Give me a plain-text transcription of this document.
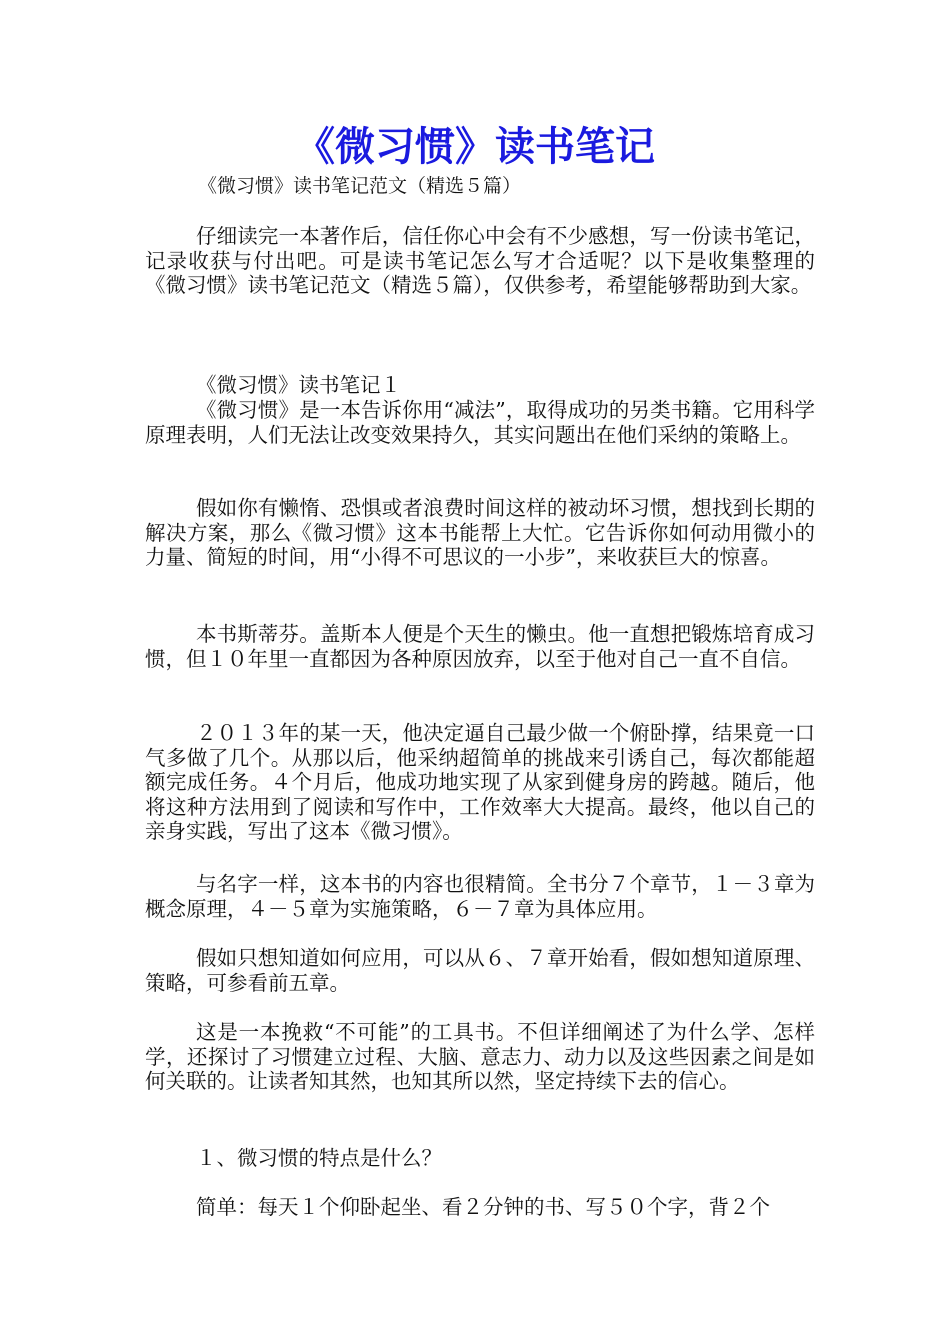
《微习惯》读书笔记
《微习惯》读书笔记范文（精选５篇）

仔细读完一本著作后，信任你心中会有不少感想，写一份读书笔记，记录收获与付出吧。可是读书笔记怎么写才合适呢？以下是收集整理的《微习惯》读书笔记范文（精选５篇），仅供参考，希望能够帮助到大家。

《微习惯》读书笔记１

《微习惯》是一本告诉你用“减法”，取得成功的另类书籍。它用科学原理表明，人们无法让改变效果持久，其实问题出在他们采纳的策略上。

假如你有懒惰、恐惧或者浪费时间这样的被动坏习惯，想找到长期的解决方案，那么《微习惯》这本书能帮上大忙。它告诉你如何动用微小的力量、简短的时间，用“小得不可思议的一小步”，来收获巨大的惊喜。

本书斯蒂芬。盖斯本人便是个天生的懒虫。他一直想把锻炼培育成习惯，但１０年里一直都因为各种原因放弃，以至于他对自己一直不自信。

２０１３年的某一天，他决定逼自己最少做一个俯卧撑，结果竟一口气多做了几个。从那以后，他采纳超简单的挑战来引诱自己，每次都能超额完成任务。４个月后，他成功地实现了从家到健身房的跨越。随后，他将这种方法用到了阅读和写作中，工作效率大大提高。最终，他以自己的亲身实践，写出了这本《微习惯》。

与名字一样，这本书的内容也很精简。全书分７个章节，１－３章为概念原理，４－５章为实施策略，６－７章为具体应用。

假如只想知道如何应用，可以从６、７章开始看，假如想知道原理、策略，可参看前五章。

这是一本挽救“不可能”的工具书。不但详细阐述了为什么学、怎样学，还探讨了习惯建立过程、大脑、意志力、动力以及这些因素之间是如何关联的。让读者知其然，也知其所以然，坚定持续下去的信心。

１、微习惯的特点是什么？

简单：每天１个仰卧起坐、看２分钟的书、写５０个字，背２个
